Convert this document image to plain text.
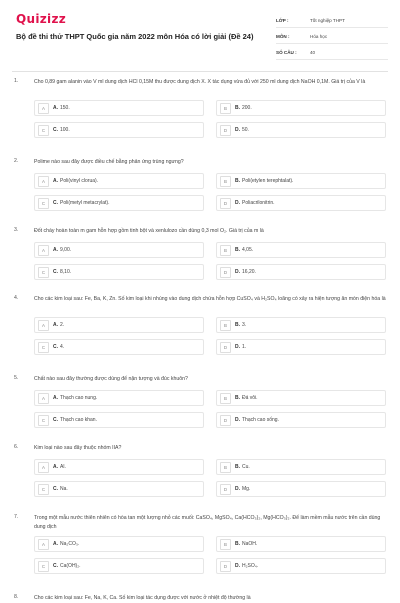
Quizizz
Bộ đề thi thử THPT Quốc gia năm 2022 môn Hóa có lời giải (Đề 24)
LỚP :	Tốt nghiệp THPT
MÔN :	Hóa học
SỐ CÂU :	40
1.	Cho 0,89 gam alanin vào V ml dung dịch HCl 0,15M thu được dung dịch X. X tác dụng vừa đủ với 250 ml dung dịch NaOH 0,1M. Giá trị của V là
A	A. 150.	B	B. 200.
C	C. 100.	D	D. 50.
2.	Polime nào sau đây được điều chế bằng phản ứng trùng ngưng?
A	A. Poli(vinyl clorua).	B	B. Poli(etylen terephtalat).
C	C. Poli(metyl metacrylat).	D	D. Poliacrilonitrin.
3.	Đốt cháy hoàn toàn m gam hỗn hợp gồm tinh bột và xenlulozo cần dùng 0,3 mol O₂. Giá trị của m là
A	A. 9,00.	B	B. 4,05.
C	C. 8,10.	D	D. 16,20.
4.	Cho các kim loại sau: Fe, Ba, K, Zn. Số kim loại khi nhúng vào dung dịch chứa hỗn hợp CuSO₄ và H₂SO₄ loãng có xảy ra hiện tượng ăn mòn điện hóa là
A	A. 2.	B	B. 3.
C	C. 4.	D	D. 1.
5.	Chất nào sau đây thường được dùng để nặn tượng và đúc khuôn?
A	A. Thạch cao nung.	B	B. Đá vôi.
C	C. Thạch cao khan.	D	D. Thạch cao sống.
6.	Kim loại nào sau đây thuộc nhóm IIA?
A	A. Al.	B	B. Cu.
C	C. Na.	D	D. Mg.
7.	Trong một mẫu nước thiên nhiên có hòa tan một lượng nhỏ các muối: CaSO₄, MgSO₄, Ca(HCO₃)₂, Mg(HCO₃)₂. Để làm mềm mẫu nước trên cần dùng dung dịch
A	A. Na₂CO₃.	B	B. NaOH.
C	C. Ca(OH)₂.	D	D. H₂SO₄.
8.	Cho các kim loại sau: Fe, Na, K, Ca. Số kim loại tác dụng được với nước ở nhiệt độ thường là
